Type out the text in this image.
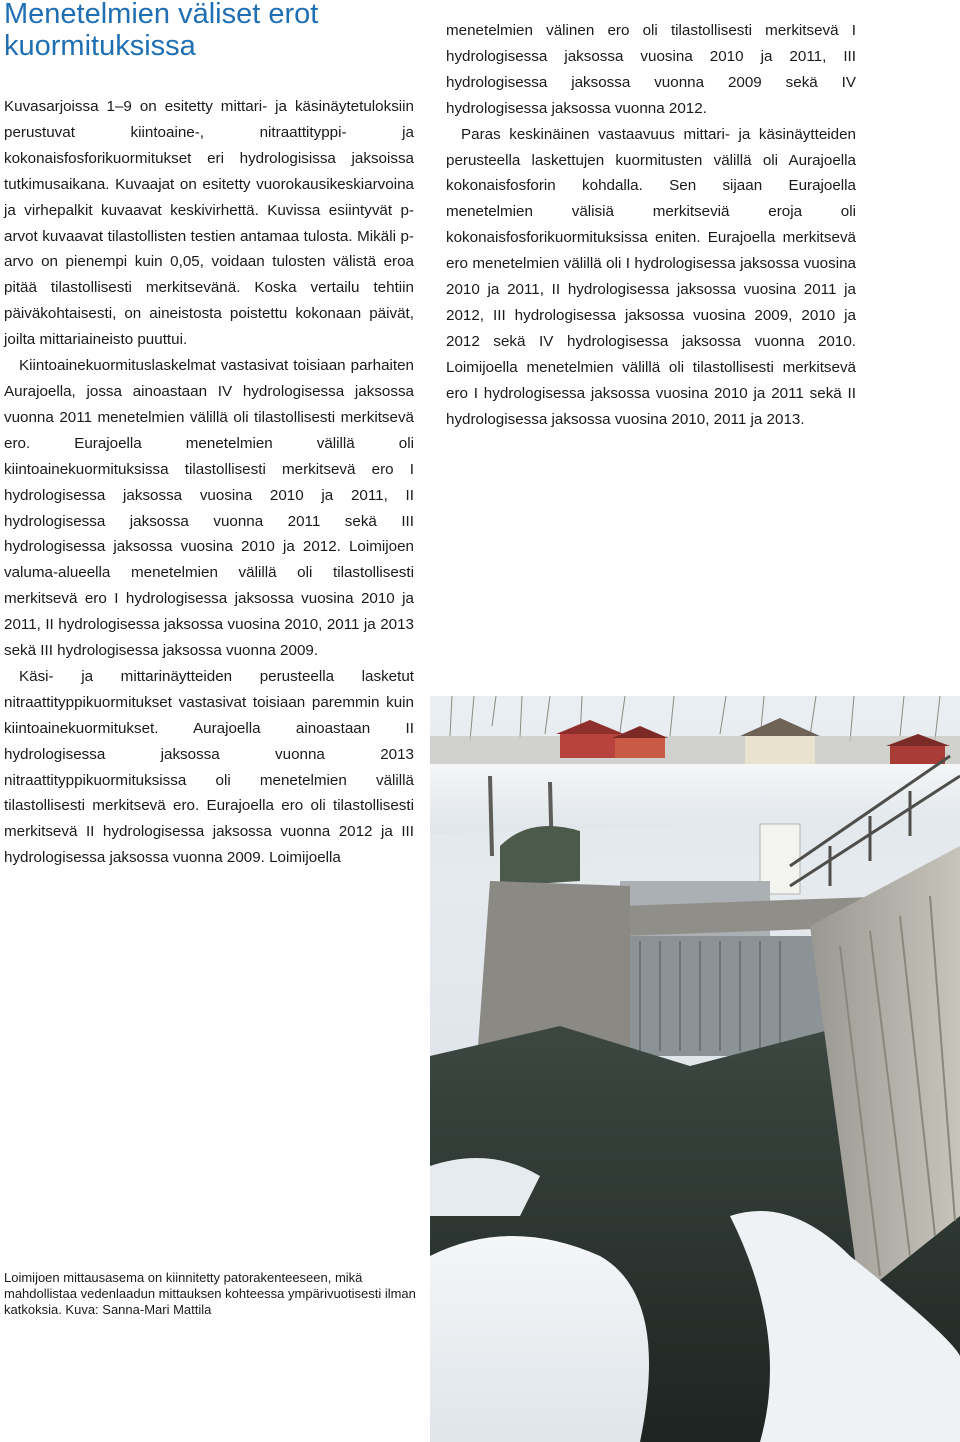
Menetelmien väliset erot kuormituksissa

Kuvasarjoissa 1–9 on esitetty mittari- ja käsinäytetuloksiin perustuvat kiintoaine-, nitraattityppi- ja kokonaisfosforikuormitukset eri hydrologisissa jaksoissa tutkimusaikana. Kuvaajat on esitetty vuorokausikeskiarvoina ja virhepalkit kuvaavat keskivirhettä. Kuvissa esiintyvät p-arvot kuvaavat tilastollisten testien antamaa tulosta. Mikäli p-arvo on pienempi kuin 0,05, voidaan tulosten välistä eroa pitää tilastollisesti merkitsevänä. Koska vertailu tehtiin päiväkohtaisesti, on aineistosta poistettu kokonaan päivät, joilta mittariaineisto puuttui.

Kiintoainekuormituslaskelmat vastasivat toisiaan parhaiten Aurajoella, jossa ainoastaan IV hydrologisessa jaksossa vuonna 2011 menetelmien välillä oli tilastollisesti merkitsevä ero. Eurajoella menetelmien välillä oli kiintoainekuormituksissa tilastollisesti merkitsevä ero I hydrologisessa jaksossa vuosina 2010 ja 2011, II hydrologisessa jaksossa vuonna 2011 sekä III hydrologisessa jaksossa vuosina 2010 ja 2012. Loimijoen valuma-alueella menetelmien välillä oli tilastollisesti merkitsevä ero I hydrologisessa jaksossa vuosina 2010 ja 2011, II hydrologisessa jaksossa vuosina 2010, 2011 ja 2013 sekä III hydrologisessa jaksossa vuonna 2009.

Käsi- ja mittarinäytteiden perusteella lasketut nitraattityppikuormitukset vastasivat toisiaan paremmin kuin kiintoainekuormitukset. Aurajoella ainoastaan II hydrologisessa jaksossa vuonna 2013 nitraattityppikuormituksissa oli menetelmien välillä tilastollisesti merkitsevä ero. Eurajoella ero oli tilastollisesti merkitsevä II hydrologisessa jaksossa vuonna 2012 ja III hydrologisessa jaksossa vuonna 2009. Loimijoella

menetelmien välinen ero oli tilastollisesti merkitsevä I hydrologisessa jaksossa vuosina 2010 ja 2011, III hydrologisessa jaksossa vuonna 2009 sekä IV hydrologisessa jaksossa vuonna 2012.

Paras keskinäinen vastaavuus mittari- ja käsinäytteiden perusteella laskettujen kuormitusten välillä oli Aurajoella kokonaisfosforin kohdalla. Sen sijaan Eurajoella menetelmien välisiä merkitseviä eroja oli kokonaisfosforikuormituksissa eniten. Eurajoella merkitsevä ero menetelmien välillä oli I hydrologisessa jaksossa vuosina 2010 ja 2011, II hydrologisessa jaksossa vuosina 2011 ja 2012, III hydrologisessa jaksossa vuosina 2009, 2010 ja 2012 sekä IV hydrologisessa jaksossa vuonna 2010. Loimijoella menetelmien välillä oli tilastollisesti merkitsevä ero I hydrologisessa jaksossa vuosina 2010 ja 2011 sekä II hydrologisessa jaksossa vuosina 2010, 2011 ja 2013.

Loimijoen mittausasema on kiinnitetty patorakenteeseen, mikä mahdollistaa vedenlaadun mittauksen kohteessa ympärivuotisesti ilman katkoksia. Kuva: Sanna-Mari Mattila
